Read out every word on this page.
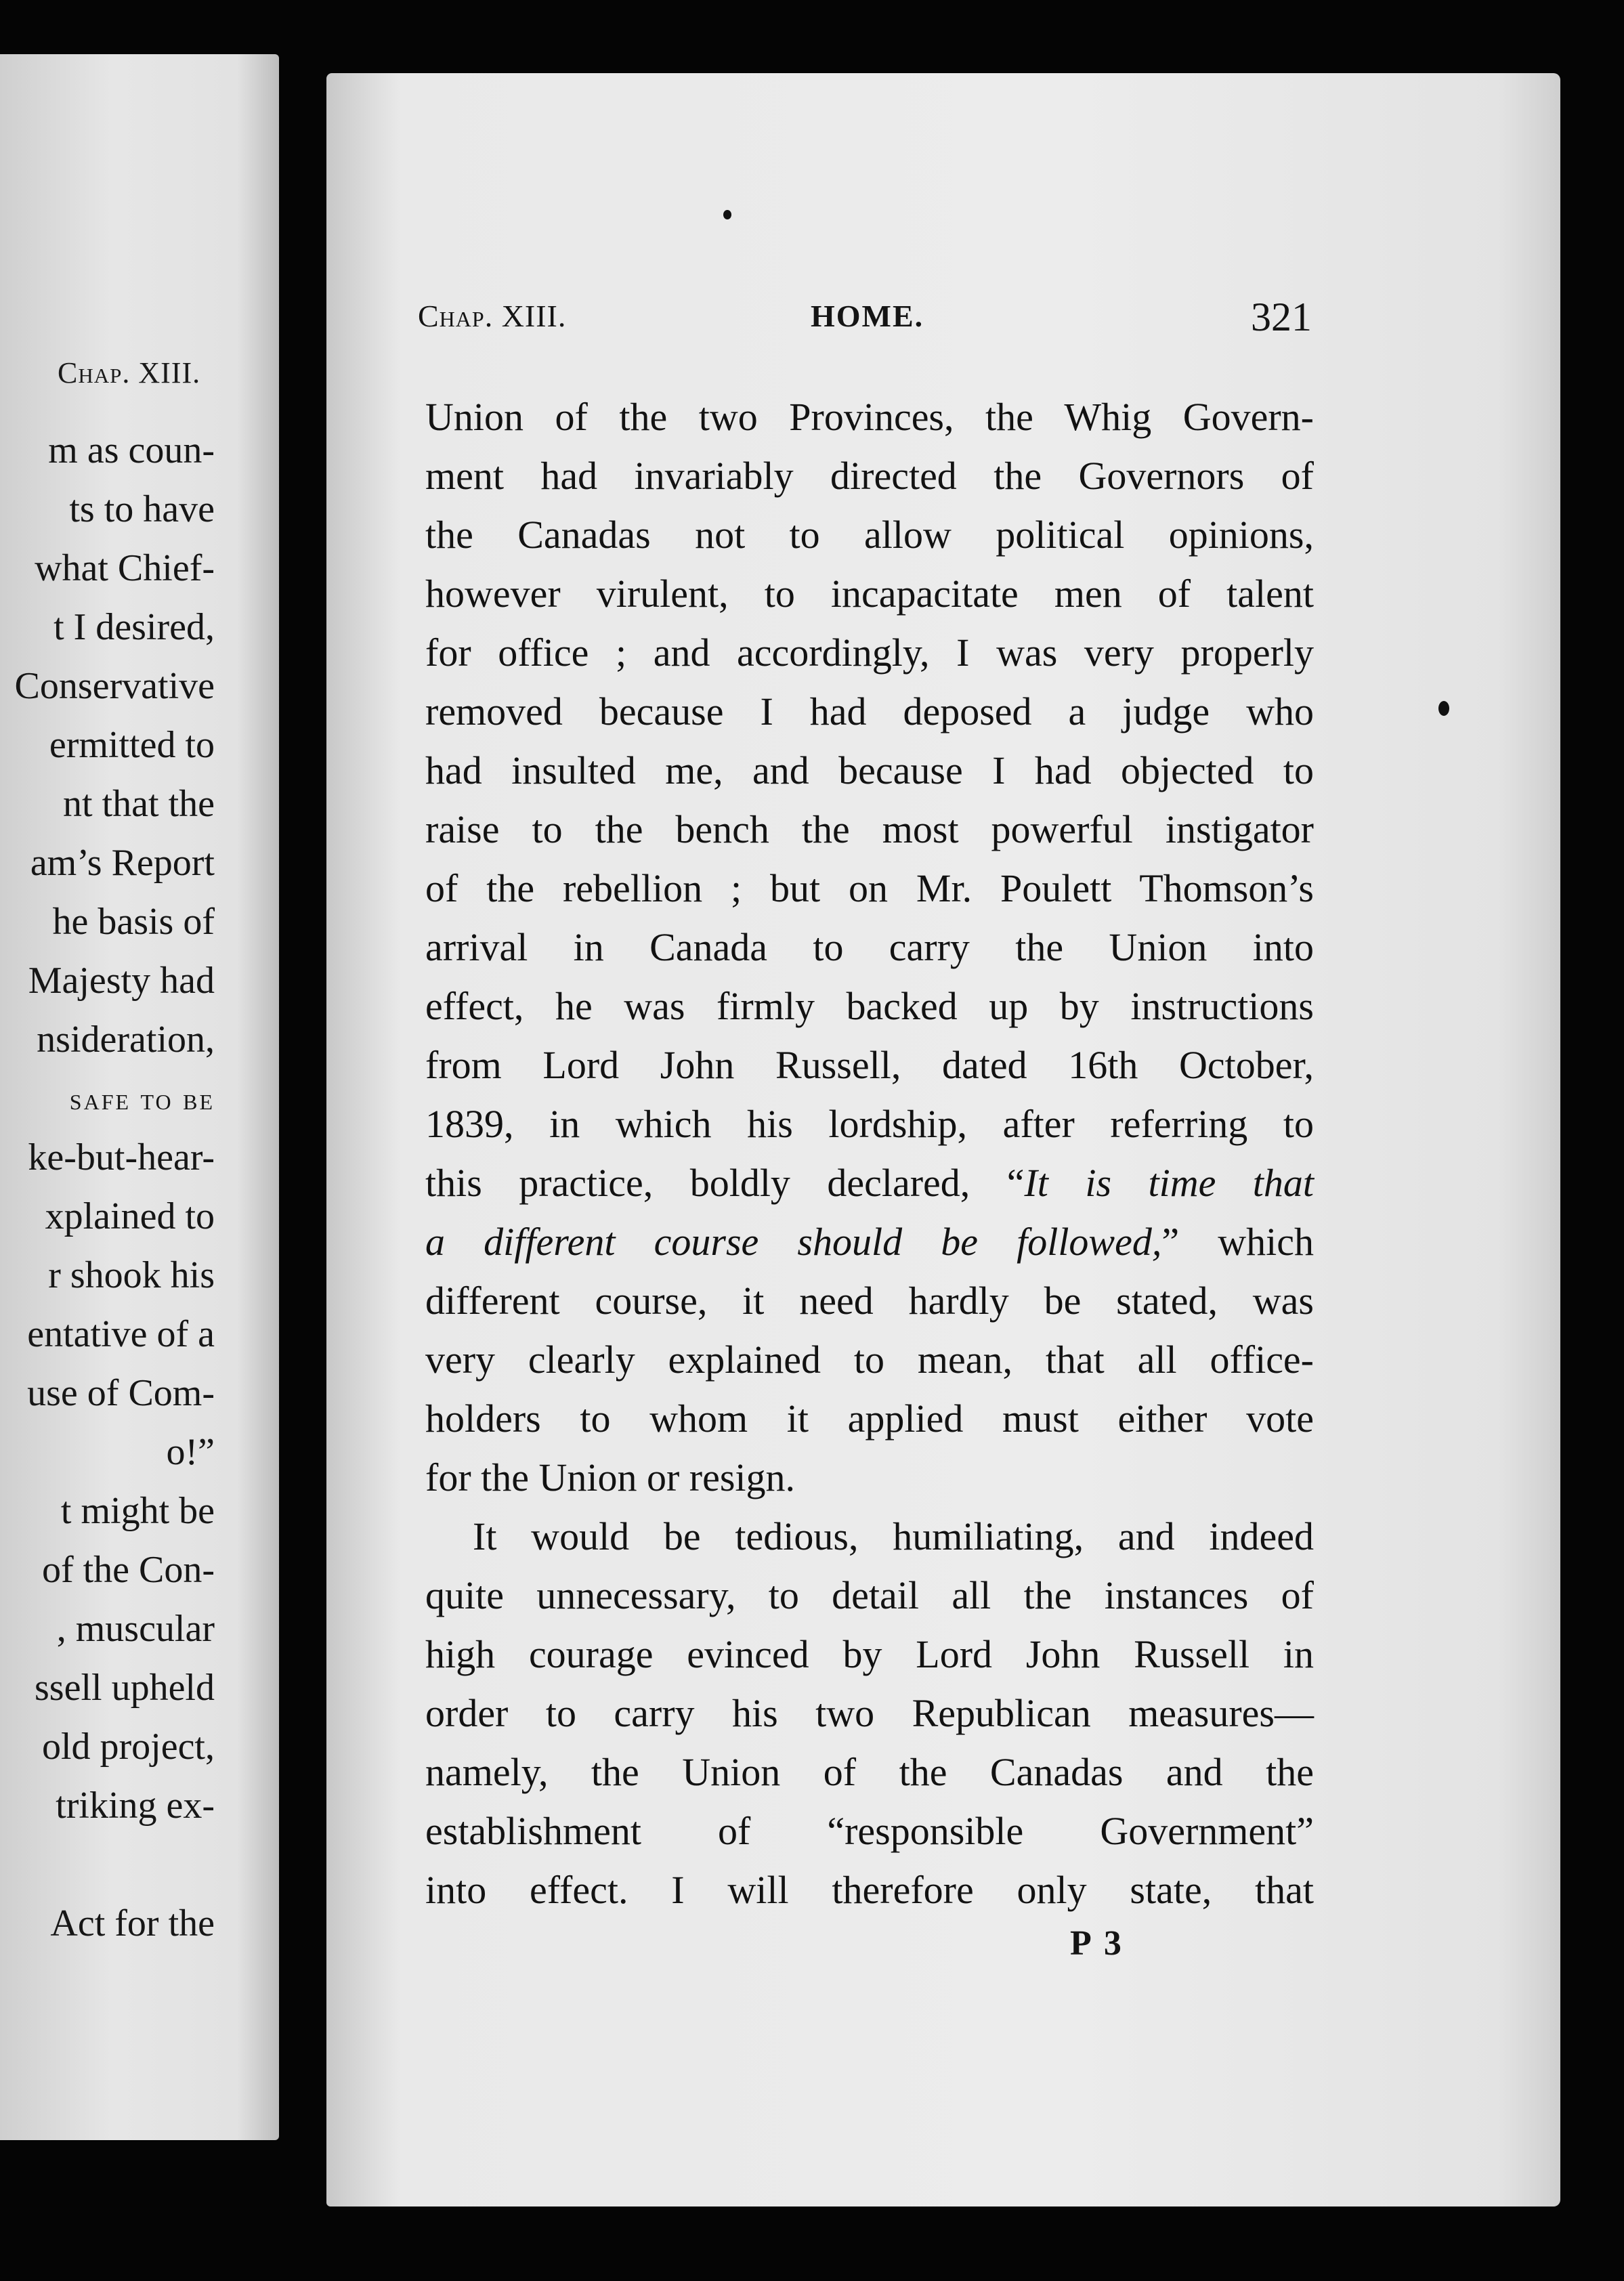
Chap. XIII.
m as coun-
ts to have
what Chief-
t I desired,
Conservative
ermitted to
nt that the
am’s Report
he basis of
Majesty had
nsideration,
safe to be
ke-but-hear-
xplained to
r shook his
entative of a
use of Com-
o!”
t might be
of the Con-
, muscular
ssell upheld
old project,
triking ex-
Act for the
Chap. XIII.	HOME.	321
Union of the two Provinces, the Whig Govern-
ment had invariably directed the Governors of
the Canadas not to allow political opinions,
however virulent, to incapacitate men of talent
for office ; and accordingly, I was very properly
removed because I had deposed a judge who
had insulted me, and because I had objected to
raise to the bench the most powerful instigator
of the rebellion ; but on Mr. Poulett Thomson’s
arrival in Canada to carry the Union into
effect, he was firmly backed up by instructions
from Lord John Russell, dated 16th October,
1839, in which his lordship, after referring to
this practice, boldly declared, “It is time that
a different course should be followed,” which
different course, it need hardly be stated, was
very clearly explained to mean, that all office-
holders to whom it applied must either vote
for the Union or resign.
It would be tedious, humiliating, and indeed
quite unnecessary, to detail all the instances of
high courage evinced by Lord John Russell in
order to carry his two Republican measures—
namely, the Union of the Canadas and the
establishment of “responsible Government”
into effect. I will therefore only state, that
P 3
